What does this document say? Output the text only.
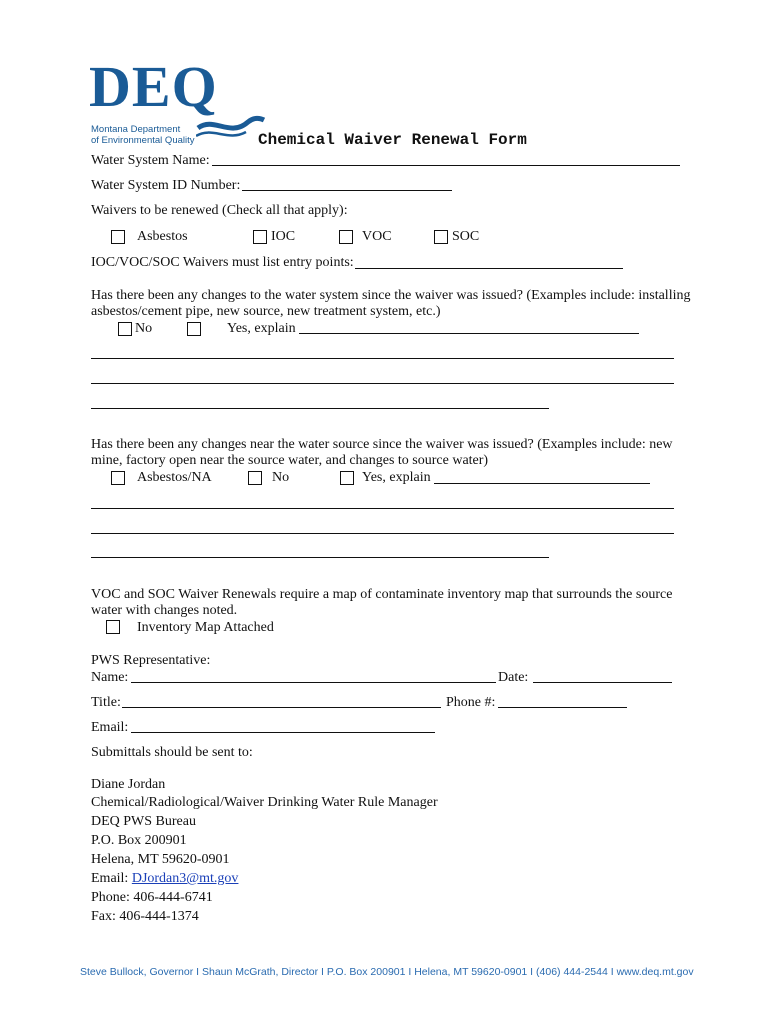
DEQ
Montana Department
of Environmental Quality	Chemical Waiver Renewal Form
Water System Name:
Water System ID Number:
Waivers to be renewed (Check all that apply):
Asbestos	IOC	VOC	SOC
IOC/VOC/SOC Waivers must list entry points:
Has there been any changes to the water system since the waiver was issued? (Examples include: installing
asbestos/cement pipe, new source, new treatment system, etc.)
No	Yes, explain
Has there been any changes near the water source since the waiver was issued? (Examples include: new
mine, factory open near the source water, and changes to source water)
Asbestos/NA	No	Yes, explain
VOC and SOC Waiver Renewals require a map of contaminate inventory map that surrounds the source
water with changes noted.
Inventory Map Attached
PWS Representative:
Name:	Date:
Title:	Phone #:
Email:
Submittals should be sent to:
Diane Jordan
Chemical/Radiological/Waiver Drinking Water Rule Manager
DEQ PWS Bureau
P.O. Box 200901
Helena, MT 59620-0901
Email: DJordan3@mt.gov
Phone: 406-444-6741
Fax: 406-444-1374
Steve Bullock, Governor I Shaun McGrath, Director I P.O. Box 200901 I Helena, MT 59620-0901 I (406) 444-2544 I www.deq.mt.gov
